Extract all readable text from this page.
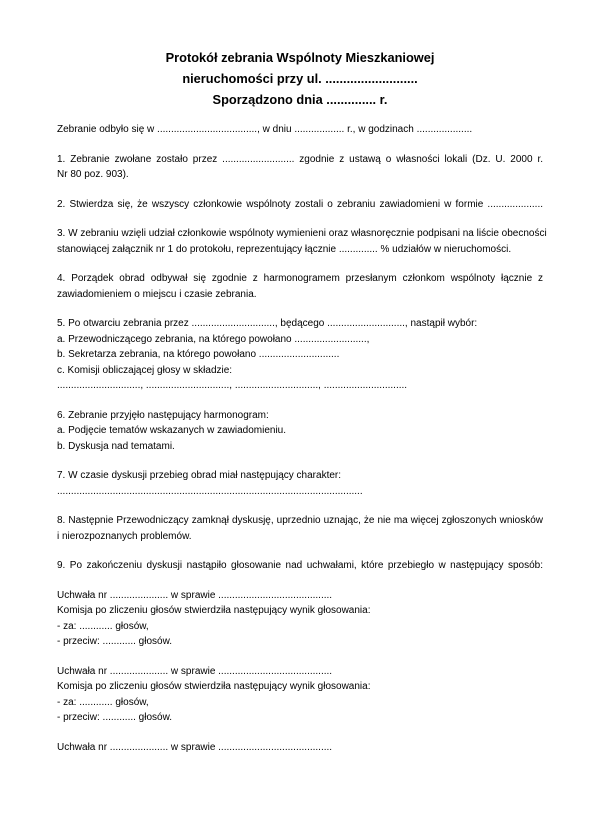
Protokół zebrania Wspólnoty Mieszkaniowej
nieruchomości przy ul. ..........................
Sporządzono dnia .............. r.
Zebranie odbyło się w ...................................., w dniu .................. r., w godzinach ....................
1. Zebranie zwołane zostało przez .......................... zgodnie z ustawą o własności lokali (Dz. U. 2000 r.
Nr 80 poz. 903).
2. Stwierdza się, że wszyscy członkowie wspólnoty zostali o zebraniu zawiadomieni w formie ....................
3. W zebraniu wzięli udział członkowie wspólnoty wymienieni oraz własnoręcznie podpisani na liście obecności
stanowiącej załącznik nr 1 do protokołu, reprezentujący łącznie .............. % udziałów w nieruchomości.
4. Porządek obrad odbywał się zgodnie z harmonogramem przesłanym członkom wspólnoty łącznie z
zawiadomieniem o miejscu i czasie zebrania.
5. Po otwarciu zebrania przez .............................., będącego ............................, nastąpił wybór:
a. Przewodniczącego zebrania, na którego powołano ..........................,
b. Sekretarza zebrania, na którego powołano .............................
c. Komisji obliczającej głosy w składzie:
.............................., .............................., .............................., ..............................
6. Zebranie przyjęło następujący harmonogram:
a. Podjęcie tematów wskazanych w zawiadomieniu.
b. Dyskusja nad tematami.
7. W czasie dyskusji przebieg obrad miał następujący charakter:
..............................................................................................................
8. Następnie Przewodniczący zamknął dyskusję, uprzednio uznając, że nie ma więcej zgłoszonych wniosków
i nierozpoznanych problemów.
9. Po zakończeniu dyskusji nastąpiło głosowanie nad uchwałami, które przebiegło w następujący sposób:
Uchwała nr ..................... w sprawie .........................................
Komisja po zliczeniu głosów stwierdziła następujący wynik głosowania:
- za: ............ głosów,
- przeciw: ............ głosów.
Uchwała nr ..................... w sprawie .........................................
Komisja po zliczeniu głosów stwierdziła następujący wynik głosowania:
- za: ............ głosów,
- przeciw: ............ głosów.
Uchwała nr ..................... w sprawie .........................................
